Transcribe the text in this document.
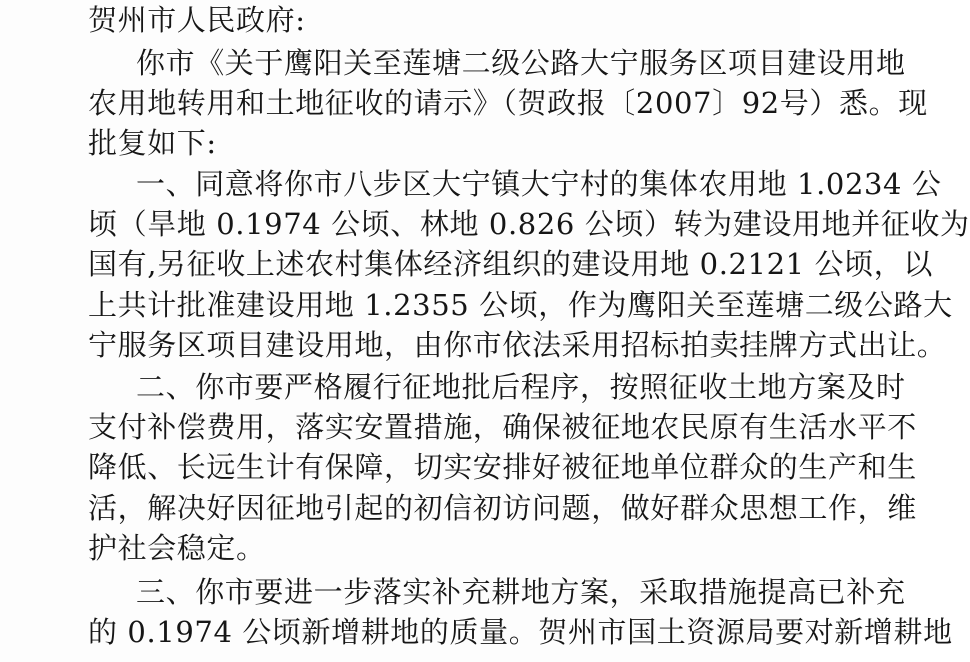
贺州市人民政府:
你市《关于鹰阳关至莲塘二级公路大宁服务区项目建设用地
农用地转用和土地征收的请示》（贺政报〔2007〕92号）悉。现
批复如下:
一、同意将你市八步区大宁镇大宁村的集体农用地 1.0234 公
顷（旱地 0.1974 公顷、林地 0.826 公顷）转为建设用地并征收为
国有,另征收上述农村集体经济组织的建设用地 0.2121 公顷，以
上共计批准建设用地 1.2355 公顷，作为鹰阳关至莲塘二级公路大
宁服务区项目建设用地，由你市依法采用招标拍卖挂牌方式出让。
二、你市要严格履行征地批后程序，按照征收土地方案及时
支付补偿费用，落实安置措施，确保被征地农民原有生活水平不
降低、长远生计有保障，切实安排好被征地单位群众的生产和生
活，解决好因征地引起的初信初访问题，做好群众思想工作，维
护社会稳定。
三、你市要进一步落实补充耕地方案，采取措施提高已补充
的 0.1974 公顷新增耕地的质量。贺州市国土资源局要对新增耕地
